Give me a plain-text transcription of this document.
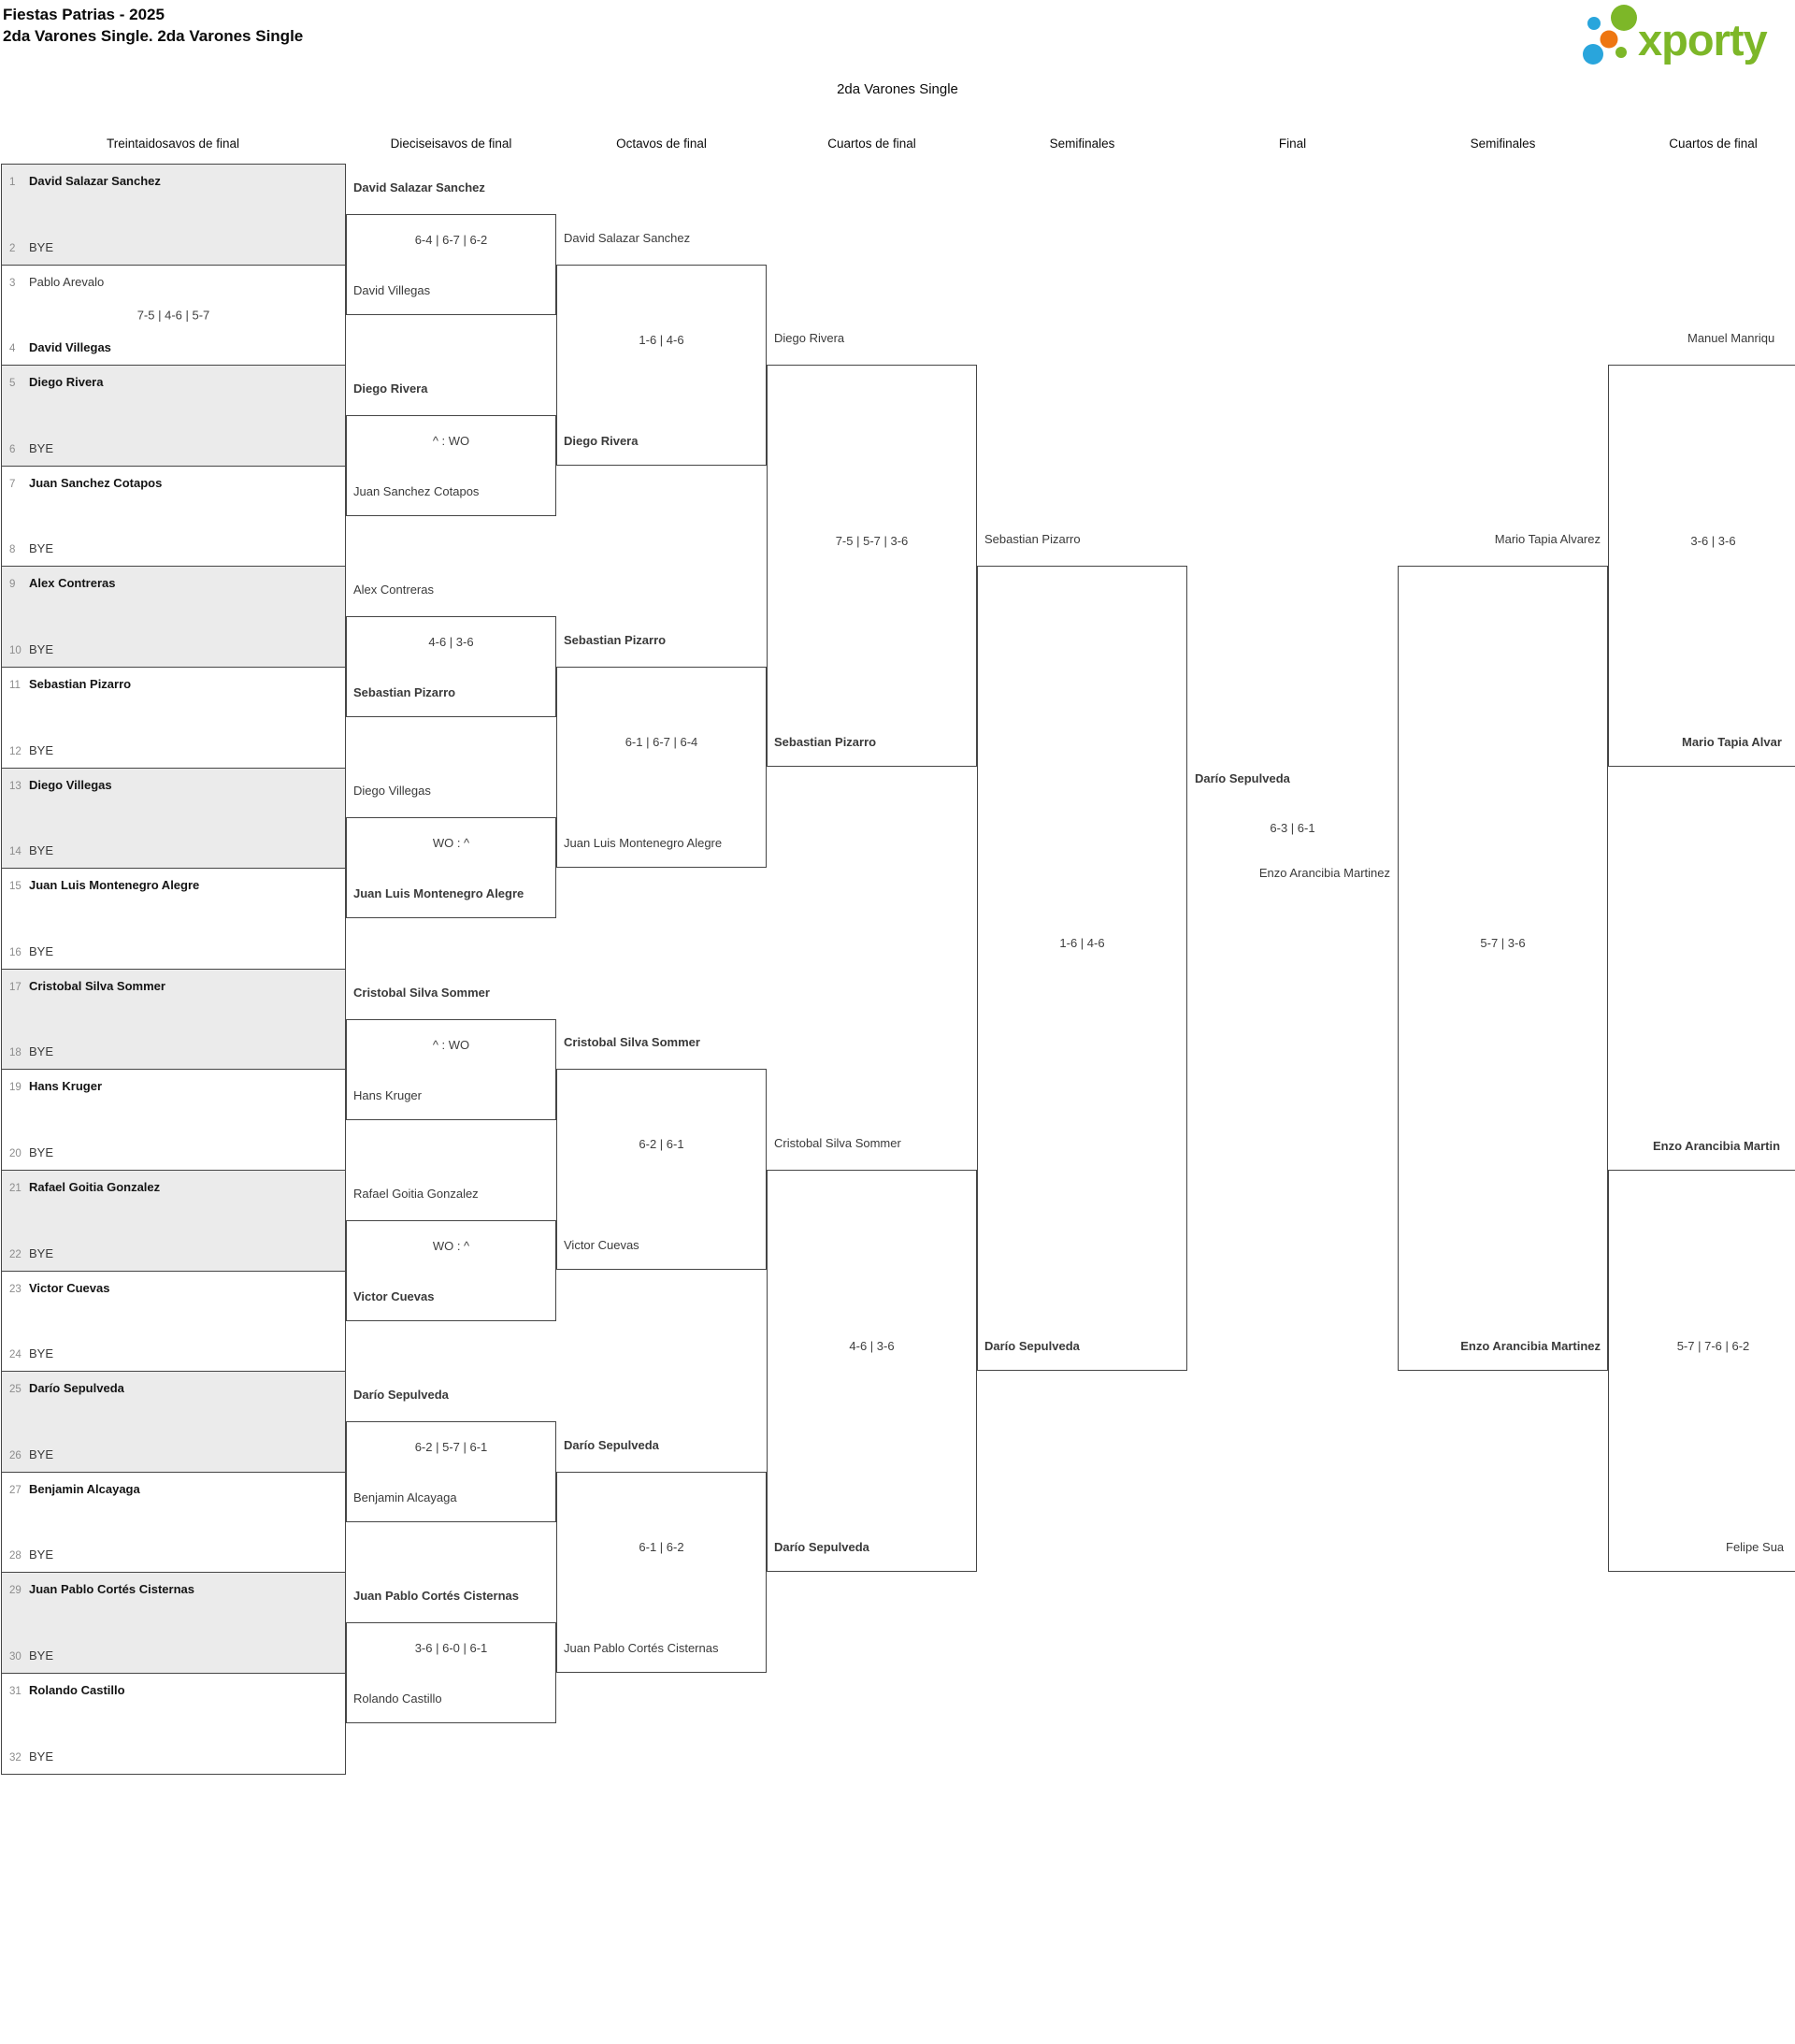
Fiestas Patrias - 2025
2da Varones Single. 2da Varones Single	xporty
2da Varones Single
Treintaidosavos de final	Dieciseisavos de final	Octavos de final	Cuartos de final	Semifinales	Final	Semifinales	Cuartos de final
1 David Salazar Sanchez
2 BYE
3 Pablo Arevalo
7-5 | 4-6 | 5-7
4 David Villegas
5 Diego Rivera
6 BYE
7 Juan Sanchez Cotapos
8 BYE
9 Alex Contreras
10 BYE
11 Sebastian Pizarro
12 BYE
13 Diego Villegas
14 BYE
15 Juan Luis Montenegro Alegre
16 BYE
17 Cristobal Silva Sommer
18 BYE
19 Hans Kruger
20 BYE
21 Rafael Goitia Gonzalez
22 BYE
23 Victor Cuevas
24 BYE
25 Darío Sepulveda
26 BYE
27 Benjamin Alcayaga
28 BYE
29 Juan Pablo Cortés Cisternas
30 BYE
31 Rolando Castillo
32 BYE
David Salazar Sanchez
6-4 | 6-7 | 6-2
David Villegas
Diego Rivera
^ : WO
Juan Sanchez Cotapos
Alex Contreras
4-6 | 3-6
Sebastian Pizarro
Diego Villegas
WO : ^
Juan Luis Montenegro Alegre
Cristobal Silva Sommer
^ : WO
Hans Kruger
Rafael Goitia Gonzalez
WO : ^
Victor Cuevas
Darío Sepulveda
6-2 | 5-7 | 6-1
Benjamin Alcayaga
Juan Pablo Cortés Cisternas
3-6 | 6-0 | 6-1
Rolando Castillo
David Salazar Sanchez
1-6 | 4-6
Diego Rivera
Sebastian Pizarro
6-1 | 6-7 | 6-4
Juan Luis Montenegro Alegre
Cristobal Silva Sommer
6-2 | 6-1
Victor Cuevas
Darío Sepulveda
6-1 | 6-2
Juan Pablo Cortés Cisternas
Diego Rivera
7-5 | 5-7 | 3-6
Sebastian Pizarro
Cristobal Silva Sommer
4-6 | 3-6
Darío Sepulveda
Sebastian Pizarro
1-6 | 4-6
Darío Sepulveda
Darío Sepulveda
6-3 | 6-1
Enzo Arancibia Martinez
Mario Tapia Alvarez
5-7 | 3-6
Enzo Arancibia Martinez
Manuel Manriqu
3-6 | 3-6
Mario Tapia Alvar
Enzo Arancibia Martin
5-7 | 7-6 | 6-2
Felipe Sua
